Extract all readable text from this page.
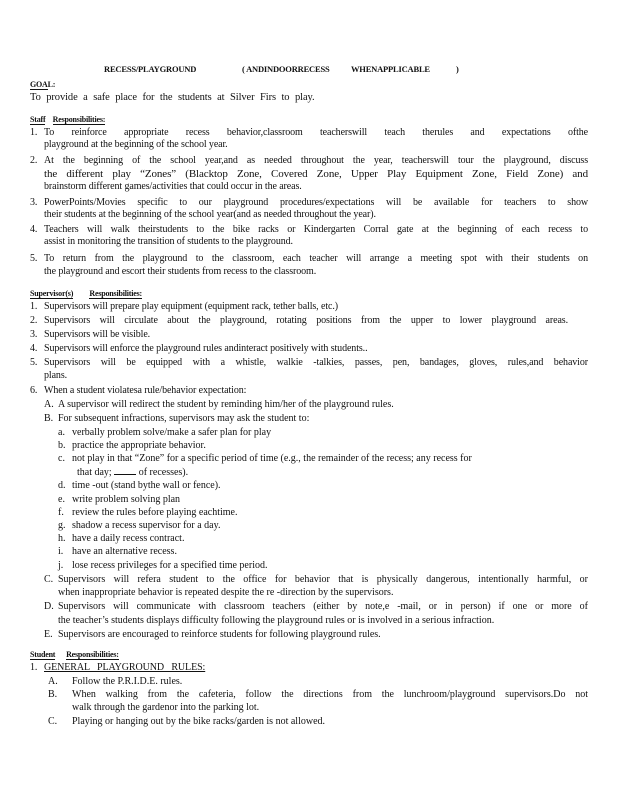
RECESS/PLAYGROUND	( ANDINDOORRECESS	WHENAPPLICABLE	)
GOAL:
To provide a safe place for the students at Silver Firs to play.
Staff Responsibilities:
1. To reinforce appropriate recess behavior,classroom teacherswill teach therules and expectations ofthe
playground at the beginning of the school year.
2. At the beginning of the school year,and as needed throughout the year, teacherswill tour the playground, discuss
the different play “Zones” (Blacktop Zone, Covered Zone, Upper Play Equipment Zone, Field Zone) and
brainstorm different games/activities that could occur in the areas.
3. PowerPoints/Movies specific to our playground procedures/expectations will be available for teachers to show
their students at the beginning of the school year(and as needed throughout the year).
4. Teachers will walk theirstudents to the bike racks or Kindergarten Corral gate at the beginning of each recess to
assist in monitoring the transition of students to the playground.
5. To return from the playground to the classroom, each teacher will arrange a meeting spot with their students on
the playground and escort their students from recess to the classroom.
Supervisor(s) Responsibilities:
1. Supervisors will prepare play equipment (equipment rack, tether balls, etc.)
2. Supervisors will circulate about the playground, rotating positions from the upper to lower playground areas.
3. Supervisors will be visible.
4. Supervisors will enforce the playground rules andinteract positively with students..
5. Supervisors will be equipped with a whistle, walkie -talkies, passes, pen, bandages, gloves, rules,and behavior
plans.
6. When a student violatesa rule/behavior expectation:
A. A supervisor will redirect the student by reminding him/her of the playground rules.
B. For subsequent infractions, supervisors may ask the student to:
a. verbally problem solve/make a safer plan for play
b. practice the appropriate behavior.
c. not play in that “Zone” for a specific period of time (e.g., the remainder of the recess; any recess for
that day;	of recesses).
d. time -out (stand bythe wall or fence).
e. write problem solving plan
f. review the rules before playing eachtime.
g. shadow a recess supervisor for a day.
h. have a daily recess contract.
i. have an alternative recess.
j. lose recess privileges for a specified time period.
C. Supervisors will refera student to the office for behavior that is physically dangerous, intentionally harmful, or
when inappropriate behavior is repeated despite the re -direction by the supervisors.
D. Supervisors will communicate with classroom teachers (either by note,e -mail, or in person) if one or more of
the teacher’s students displays difficulty following the playground rules or is involved in a serious infraction.
E. Supervisors are encouraged to reinforce students for following playground rules.
Student Responsibilities:
1. GENERAL PLAYGROUND RULES:
A. Follow the P.R.I.D.E. rules.
B. When walking from the cafeteria, follow the directions from the lunchroom/playground supervisors.Do not
walk through the gardenor into the parking lot.
C. Playing or hanging out by the bike racks/garden is not allowed.
